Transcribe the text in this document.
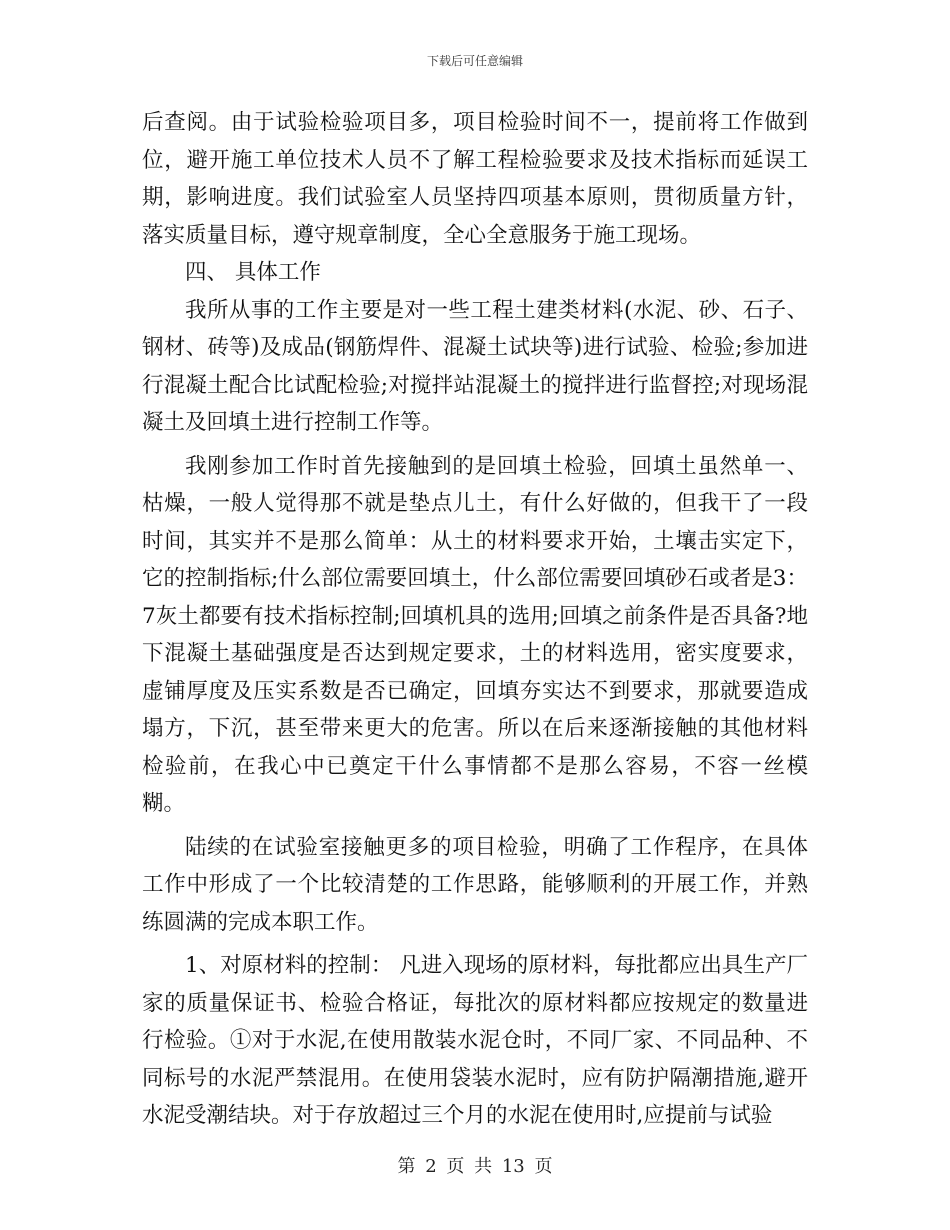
下载后可任意编辑

后查阅。由于试验检验项目多，项目检验时间不一，提前将工作做到位，避开施工单位技术人员不了解工程检验要求及技术指标而延误工期，影响进度。我们试验室人员坚持四项基本原则，贯彻质量方针，落实质量目标，遵守规章制度，全心全意服务于施工现场。

四、 具体工作

我所从事的工作主要是对一些工程土建类材料(水泥、砂、石子、钢材、砖等)及成品(钢筋焊件、混凝土试块等)进行试验、检验;参加进行混凝土配合比试配检验;对搅拌站混凝土的搅拌进行监督控;对现场混凝土及回填土进行控制工作等。

我刚参加工作时首先接触到的是回填土检验，回填土虽然单一、枯燥，一般人觉得那不就是垫点儿土，有什么好做的，但我干了一段时间，其实并不是那么简单：从土的材料要求开始，土壤击实定下，它的控制指标;什么部位需要回填土，什么部位需要回填砂石或者是3：7灰土都要有技术指标控制;回填机具的选用;回填之前条件是否具备?地下混凝土基础强度是否达到规定要求，土的材料选用，密实度要求，虚铺厚度及压实系数是否已确定，回填夯实达不到要求，那就要造成塌方，下沉，甚至带来更大的危害。所以在后来逐渐接触的其他材料检验前，在我心中已奠定干什么事情都不是那么容易，不容一丝模糊。

陆续的在试验室接触更多的项目检验，明确了工作程序，在具体工作中形成了一个比较清楚的工作思路，能够顺利的开展工作，并熟练圆满的完成本职工作。

1、对原材料的控制： 凡进入现场的原材料，每批都应出具生产厂家的质量保证书、检验合格证，每批次的原材料都应按规定的数量进行检验。①对于水泥,在使用散装水泥仓时，不同厂家、不同品种、不同标号的水泥严禁混用。在使用袋装水泥时，应有防护隔潮措施,避开水泥受潮结块。对于存放超过三个月的水泥在使用时,应提前与试验

第 2 页 共 13 页
